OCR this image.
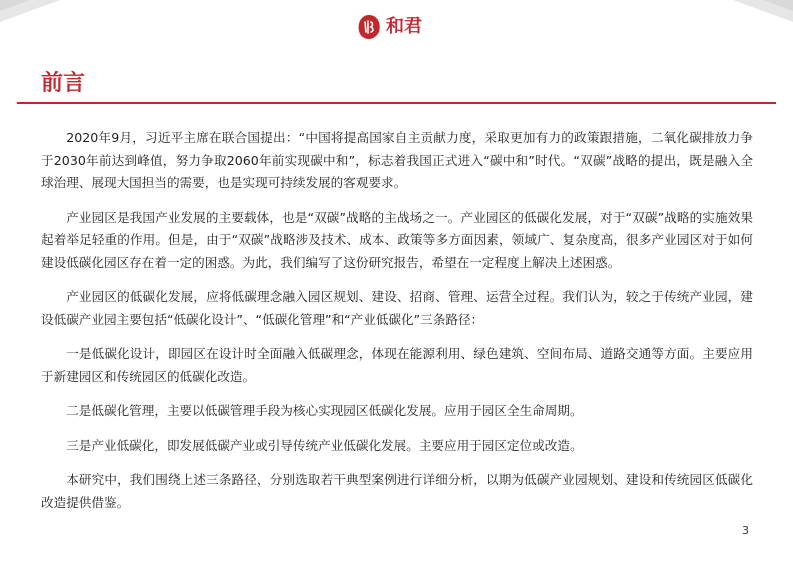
和君
前言

2020年9月，习近平主席在联合国提出：“中国将提高国家自主贡献力度，采取更加有力的政策跟措施，二氧化碳排放力争于2030年前达到峰值，努力争取2060年前实现碳中和”，标志着我国正式进入“碳中和”时代。“双碳”战略的提出，既是融入全球治理、展现大国担当的需要，也是实现可持续发展的客观要求。

产业园区是我国产业发展的主要载体，也是“双碳”战略的主战场之一。产业园区的低碳化发展，对于“双碳”战略的实施效果起着举足轻重的作用。但是，由于“双碳”战略涉及技术、成本、政策等多方面因素，领域广、复杂度高，很多产业园区对于如何建设低碳化园区存在着一定的困惑。为此，我们编写了这份研究报告，希望在一定程度上解决上述困惑。

产业园区的低碳化发展，应将低碳理念融入园区规划、建设、招商、管理、运营全过程。我们认为，较之于传统产业园，建设低碳产业园主要包括“低碳化设计”、“低碳化管理”和“产业低碳化”三条路径：

一是低碳化设计，即园区在设计时全面融入低碳理念，体现在能源利用、绿色建筑、空间布局、道路交通等方面。主要应用于新建园区和传统园区的低碳化改造。

二是低碳化管理，主要以低碳管理手段为核心实现园区低碳化发展。应用于园区全生命周期。

三是产业低碳化，即发展低碳产业或引导传统产业低碳化发展。主要应用于园区定位或改造。

本研究中，我们围绕上述三条路径，分别选取若干典型案例进行详细分析，以期为低碳产业园规划、建设和传统园区低碳化改造提供借鉴。

3
